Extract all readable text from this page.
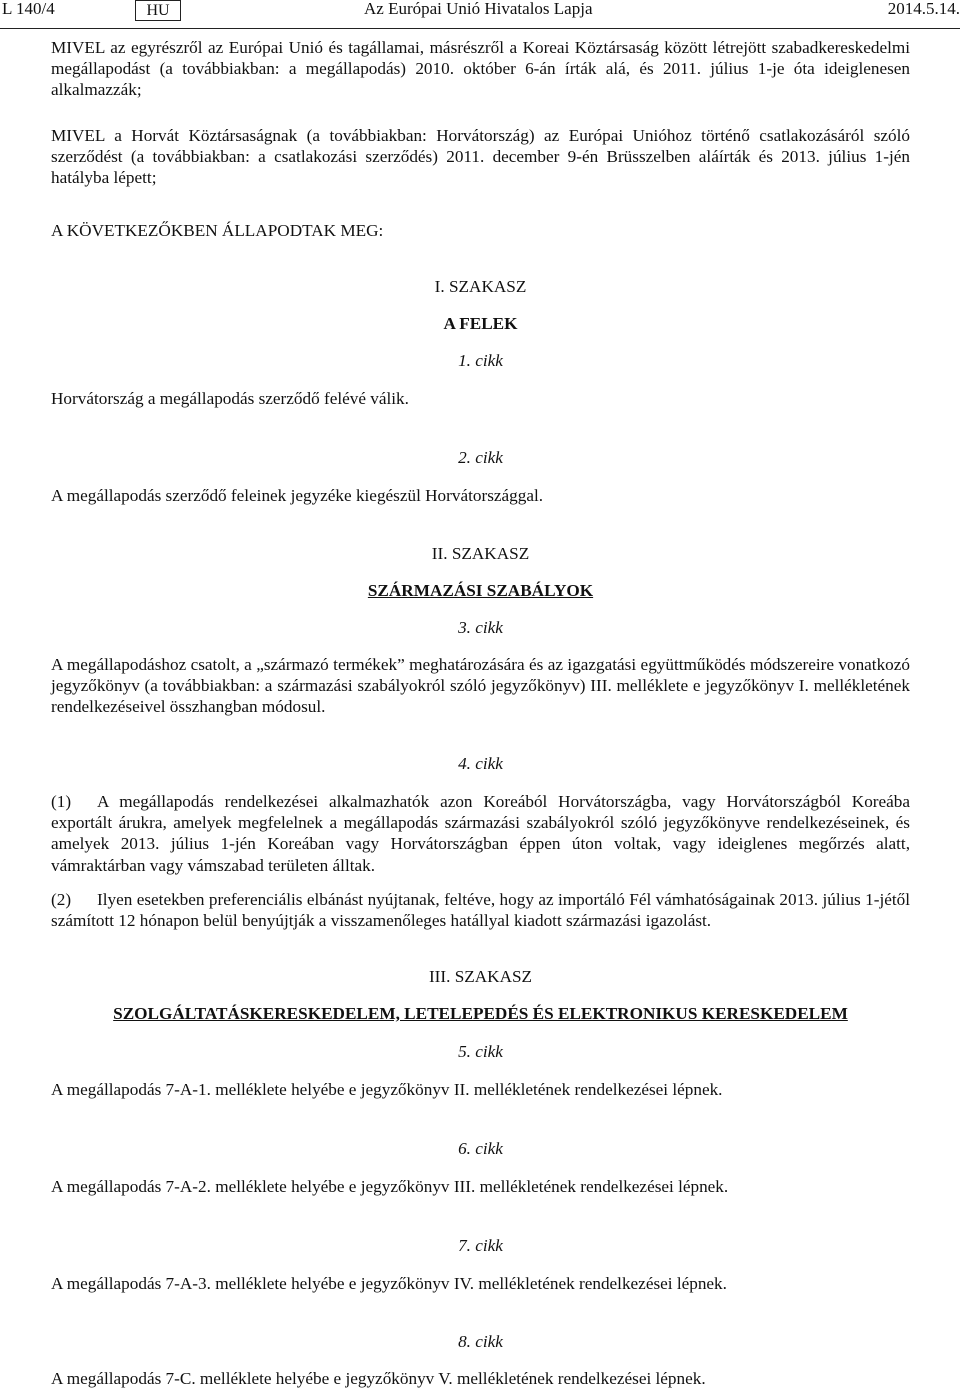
L 140/4	HU	Az Európai Unió Hivatalos Lapja	2014.5.14.

MIVEL az egyrészről az Európai Unió és tagállamai, másrészről a Koreai Köztársaság között létrejött szabadkereskedelmi megállapodást (a továbbiakban: a megállapodás) 2010. október 6-án írták alá, és 2011. július 1-je óta ideiglenesen alkalmazzák;

MIVEL a Horvát Köztársaságnak (a továbbiakban: Horvátország) az Európai Unióhoz történő csatlakozásáról szóló szerződést (a továbbiakban: a csatlakozási szerződés) 2011. december 9-én Brüsszelben aláírták és 2013. július 1-jén hatályba lépett;

A KÖVETKEZŐKBEN ÁLLAPODTAK MEG:

I. SZAKASZ

A FELEK

1. cikk

Horvátország a megállapodás szerződő felévé válik.

2. cikk

A megállapodás szerződő feleinek jegyzéke kiegészül Horvátországgal.

II. SZAKASZ

SZÁRMAZÁSI SZABÁLYOK

3. cikk

A megállapodáshoz csatolt, a „származó termékek” meghatározására és az igazgatási együttműködés módszereire vonatkozó jegyzőkönyv (a továbbiakban: a származási szabályokról szóló jegyzőkönyv) III. melléklete e jegyzőkönyv I. mellékletének rendelkezéseivel összhangban módosul.

4. cikk

(1) A megállapodás rendelkezései alkalmazhatók azon Koreából Horvátországba, vagy Horvátországból Koreába exportált árukra, amelyek megfelelnek a megállapodás származási szabályokról szóló jegyzőkönyve rendelkezéseinek, és amelyek 2013. július 1-jén Koreában vagy Horvátországban éppen úton voltak, vagy ideiglenes megőrzés alatt, vámraktárban vagy vámszabad területen álltak.

(2) Ilyen esetekben preferenciális elbánást nyújtanak, feltéve, hogy az importáló Fél vámhatóságainak 2013. július 1-jétől számított 12 hónapon belül benyújtják a visszamenőleges hatállyal kiadott származási igazolást.

III. SZAKASZ

SZOLGÁLTATÁSKERESKEDELEM, LETELEPEDÉS ÉS ELEKTRONIKUS KERESKEDELEM

5. cikk

A megállapodás 7-A-1. melléklete helyébe e jegyzőkönyv II. mellékletének rendelkezései lépnek.

6. cikk

A megállapodás 7-A-2. melléklete helyébe e jegyzőkönyv III. mellékletének rendelkezései lépnek.

7. cikk

A megállapodás 7-A-3. melléklete helyébe e jegyzőkönyv IV. mellékletének rendelkezései lépnek.

8. cikk

A megállapodás 7-C. melléklete helyébe e jegyzőkönyv V. mellékletének rendelkezései lépnek.
